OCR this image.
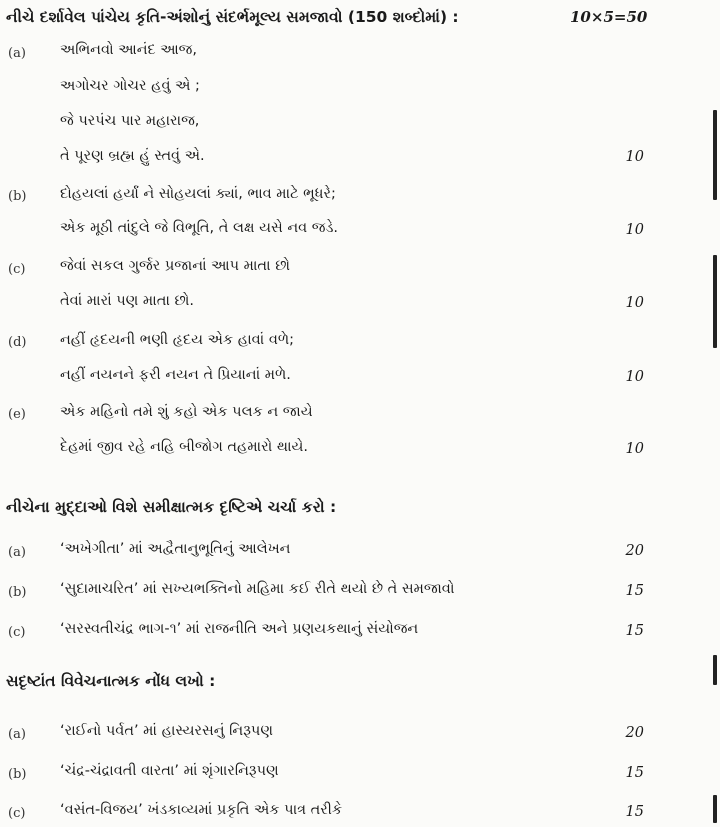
નીચે દર્શાવેલ પાંચેય કૃતિ-અંશોનું સંદર્ભમૂલ્ય સમજાવો (150 શબ્દોમાં) :	10×5=50
(a) અભિનવો આનંદ આજ,
અગોચર ગોચર હવું એ ;
જે પરપંચ પાર મહારાજ,
તે પૂરણ બ્રહ્મ હું સ્તવું એ.	10
(b) દોહયલાં હર્યાં ને સોહયલાં ક્યાં, ભાવ માટે ભૂધરે;
એક મૂઠી તાંદુલે જે વિભૂતિ, તે લક્ષ યસે નવ જડે.	10
(c) જેવાં સકલ ગુર્જર પ્રજાનાં આપ માતા છો
તેવાં મારાં પણ માતા છો.	10
(d) નહીં હૃદયની ભણી હૃદય એક હાવાં વળે;
નહીં નયનને ફરી નયન તે પ્રિયાનાં મળે.	10
(e) એક મહિનો તમે શું કહો એક પલક ન જાયે
દેહમાં જીવ રહે નહિ બીજોગ તહમારો થાયે.	10
નીચેના મુદ્દાઓ વિશે સમીક્ષાત્મક દૃષ્ટિએ ચર્ચા કરો :
(a) ‘અખેગીતા’ માં અદ્વૈતાનુભૂતિનું આલેખન	20
(b) ‘સુદામાચરિત’ માં સખ્યભક્તિનો મહિમા કઈ રીતે થયો છે તે સમજાવો	15
(c) ‘સરસ્વતીચંદ્ર ભાગ-૧’ માં રાજનીતિ અને પ્રણયકથાનું સંયોજન	15
સદૃષ્ટાંત વિવેચનાત્મક નોંધ લખો :
(a) ‘રાઈનો પર્વત’ માં હાસ્યરસનું નિરૂપણ	20
(b) ‘ચંદ્ર-ચંદ્રાવતી વારતા’ માં શૃંગારનિરૂપણ	15
(c) ‘વસંત-વિજય’ ખંડકાવ્યમાં પ્રકૃતિ એક પાત્ર તરીકે	15
